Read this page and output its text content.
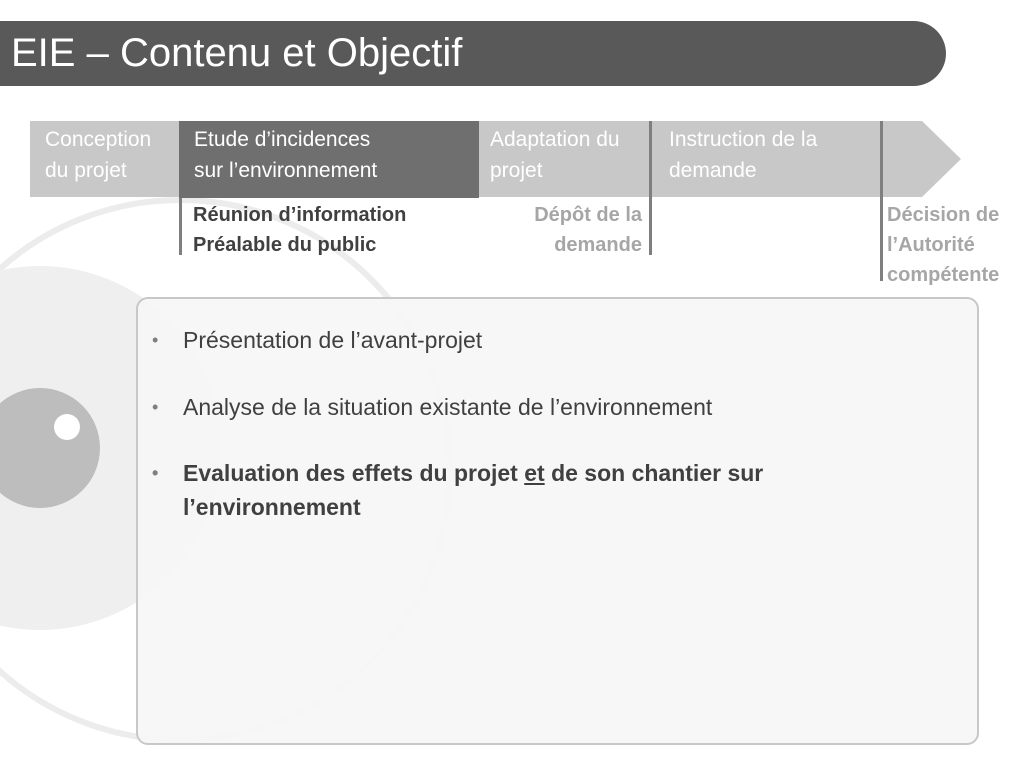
EIE – Contenu et Objectif
Conception
du projet
Etude d’incidences
sur l’environnement
Adaptation du
projet
Instruction de la
demande
Réunion d’information
Préalable du public
Dépôt de la
demande
Décision de
l’Autorité
compétente
• Présentation de l’avant-projet
• Analyse de la situation existante de l’environnement
• Evaluation des effets du projet et de son chantier sur l’environnement
